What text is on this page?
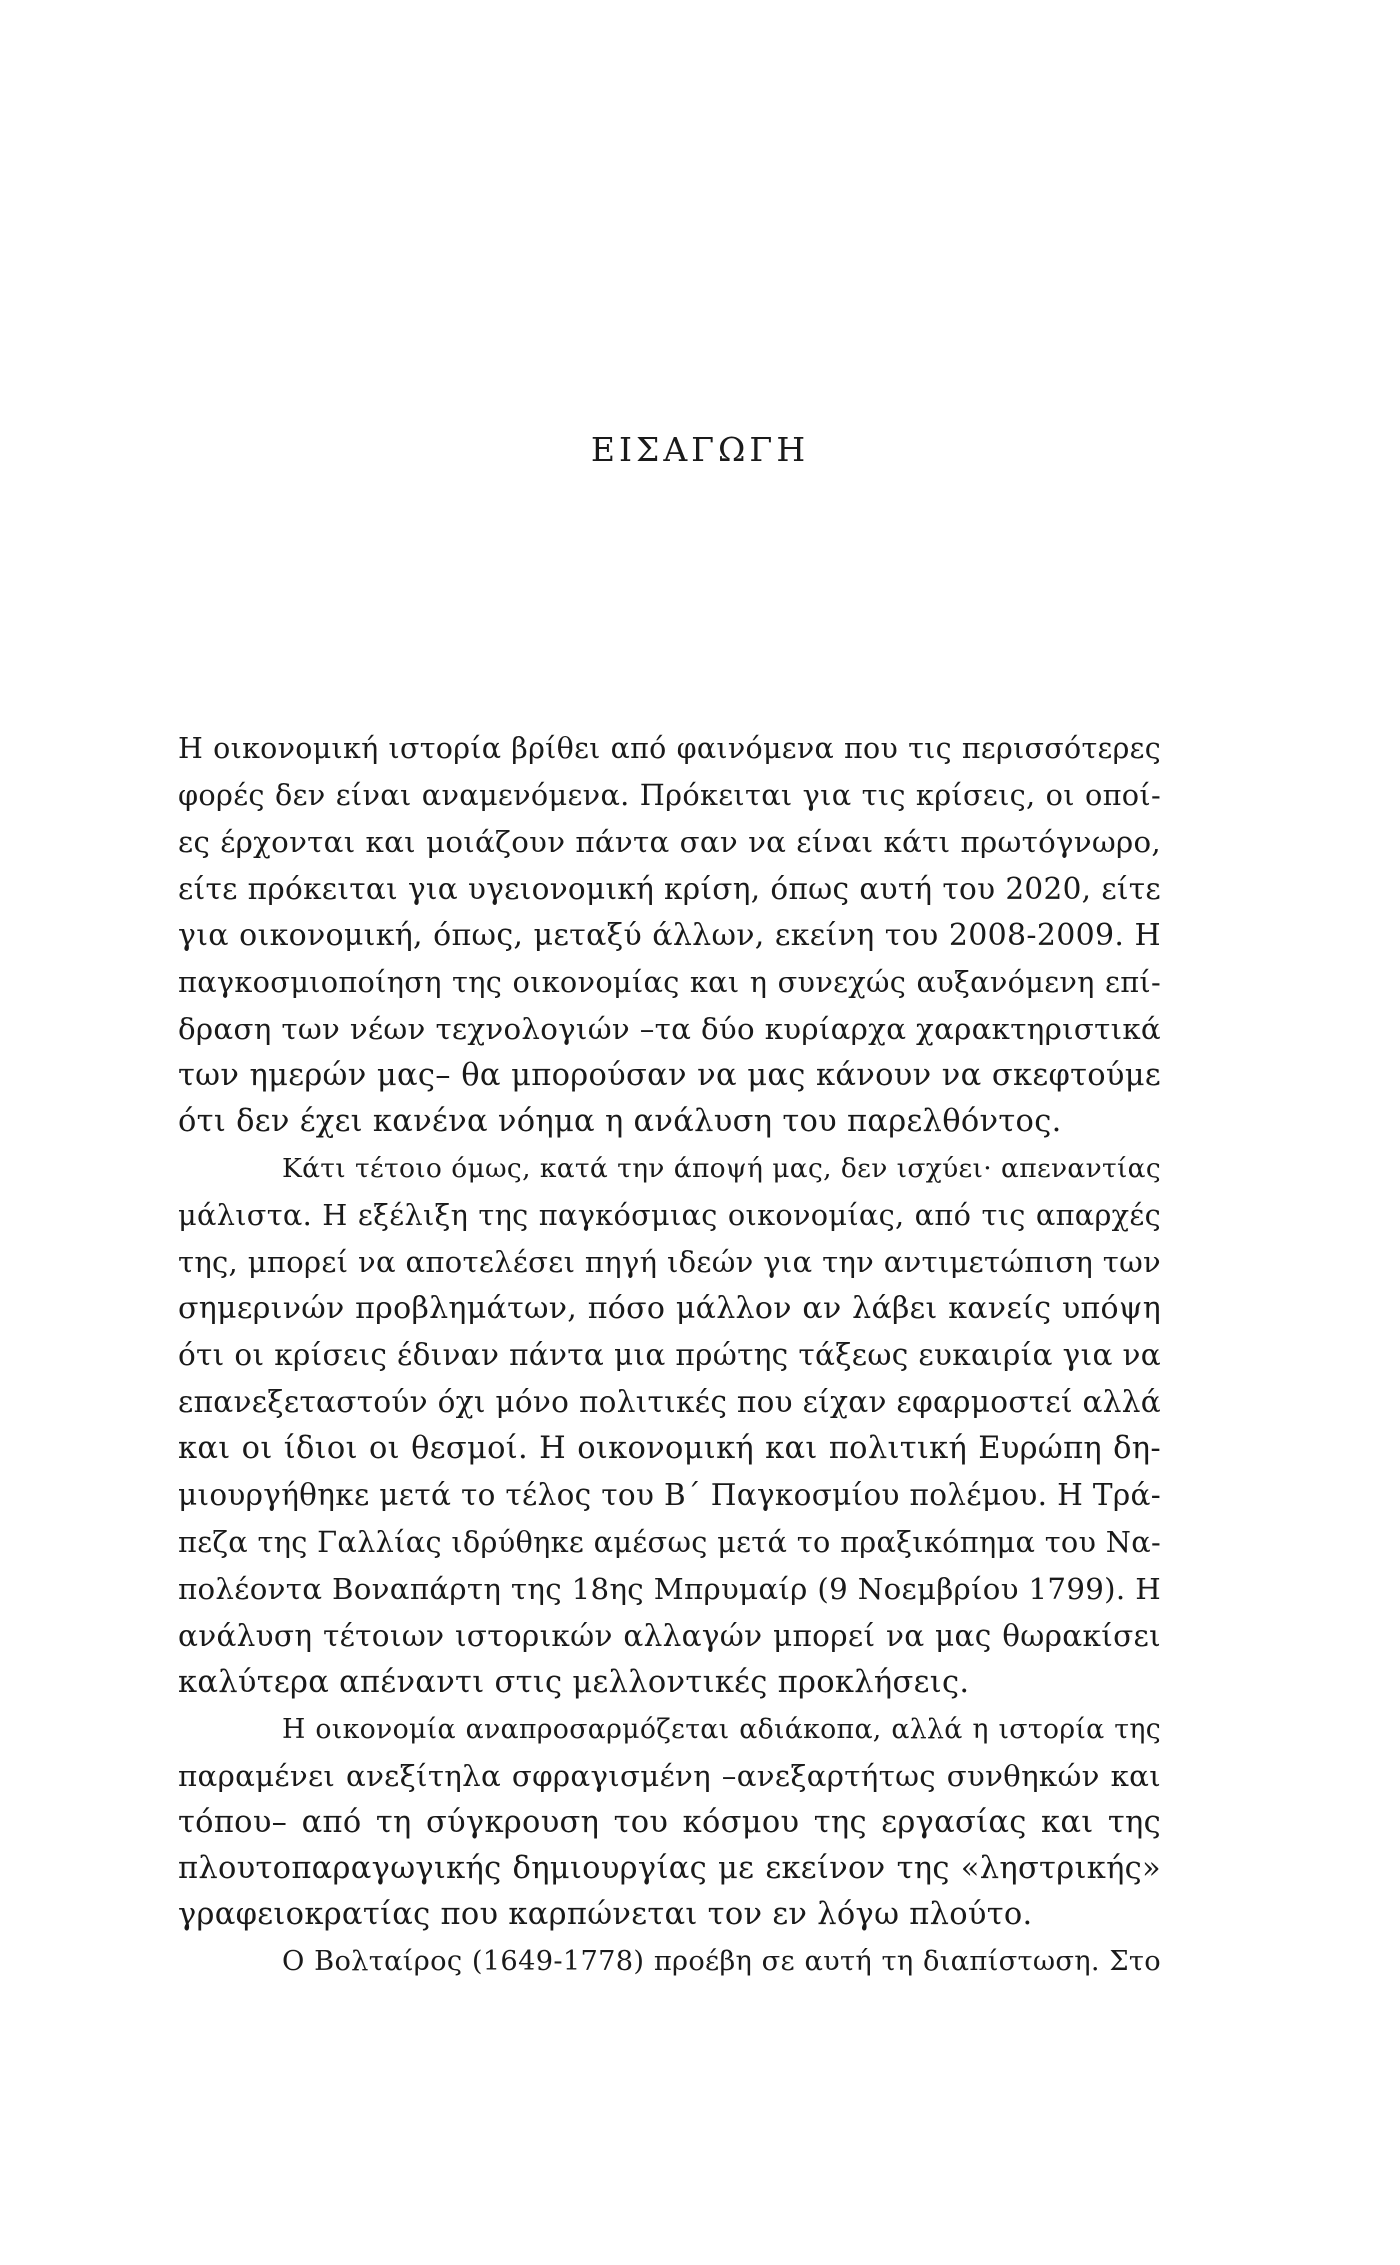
ΕΙΣΑΓΩΓΗ

Η οικονομική ιστορία βρίθει από φαινόμενα που τις περισσότερες
φορές δεν είναι αναμενόμενα. Πρόκειται για τις κρίσεις, οι οποί-
ες έρχονται και μοιάζουν πάντα σαν να είναι κάτι πρωτόγνωρο,
είτε πρόκειται για υγειονομική κρίση, όπως αυτή του 2020, είτε
για οικονομική, όπως, μεταξύ άλλων, εκείνη του 2008-2009. Η
παγκοσμιοποίηση της οικονομίας και η συνεχώς αυξανόμενη επί-
δραση των νέων τεχνολογιών –τα δύο κυρίαρχα χαρακτηριστικά
των ημερών μας– θα μπορούσαν να μας κάνουν να σκεφτούμε
ότι δεν έχει κανένα νόημα η ανάλυση του παρελθόντος.

Κάτι τέτοιο όμως, κατά την άποψή μας, δεν ισχύει· απεναντίας
μάλιστα. Η εξέλιξη της παγκόσμιας οικονομίας, από τις απαρχές
της, μπορεί να αποτελέσει πηγή ιδεών για την αντιμετώπιση των
σημερινών προβλημάτων, πόσο μάλλον αν λάβει κανείς υπόψη
ότι οι κρίσεις έδιναν πάντα μια πρώτης τάξεως ευκαιρία για να
επανεξεταστούν όχι μόνο πολιτικές που είχαν εφαρμοστεί αλλά
και οι ίδιοι οι θεσμοί. Η οικονομική και πολιτική Ευρώπη δη-
μιουργήθηκε μετά το τέλος του Β΄ Παγκοσμίου πολέμου. Η Τρά-
πεζα της Γαλλίας ιδρύθηκε αμέσως μετά το πραξικόπημα του Να-
πολέοντα Βοναπάρτη της 18ης Μπρυμαίρ (9 Νοεμβρίου 1799). Η
ανάλυση τέτοιων ιστορικών αλλαγών μπορεί να μας θωρακίσει
καλύτερα απέναντι στις μελλοντικές προκλήσεις.

Η οικονομία αναπροσαρμόζεται αδιάκοπα, αλλά η ιστορία της
παραμένει ανεξίτηλα σφραγισμένη –ανεξαρτήτως συνθηκών και
τόπου– από τη σύγκρουση του κόσμου της εργασίας και της
πλουτοπαραγωγικής δημιουργίας με εκείνον της «ληστρικής»
γραφειοκρατίας που καρπώνεται τον εν λόγω πλούτο.

Ο Βολταίρος (1649-1778) προέβη σε αυτή τη διαπίστωση. Στο
